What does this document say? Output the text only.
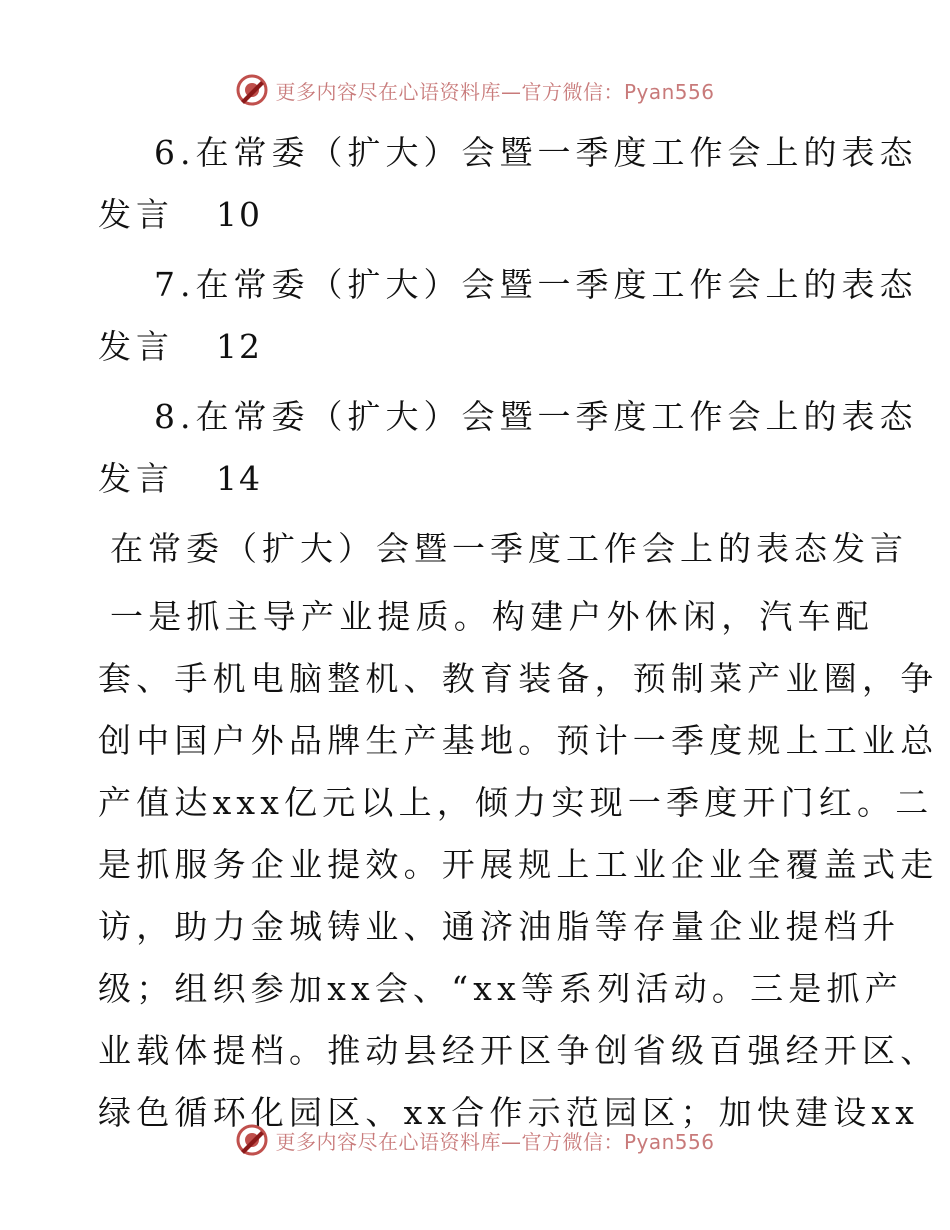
更多内容尽在心语资料库—官方微信：Pyan556
6.在常委（扩大）会暨一季度工作会上的表态
发言 10
7.在常委（扩大）会暨一季度工作会上的表态
发言 12
8.在常委（扩大）会暨一季度工作会上的表态
发言 14
在常委（扩大）会暨一季度工作会上的表态发言
一是抓主导产业提质。构建户外休闲，汽车配
套、手机电脑整机、教育装备，预制菜产业圈，争
创中国户外品牌生产基地。预计一季度规上工业总
产值达xxx亿元以上，倾力实现一季度开门红。二
是抓服务企业提效。开展规上工业企业全覆盖式走
访，助力金城铸业、通济油脂等存量企业提档升
级；组织参加xx会、“xx等系列活动。三是抓产
业载体提档。推动县经开区争创省级百强经开区、
绿色循环化园区、xx合作示范园区；加快建设xx
更多内容尽在心语资料库—官方微信：Pyan556
